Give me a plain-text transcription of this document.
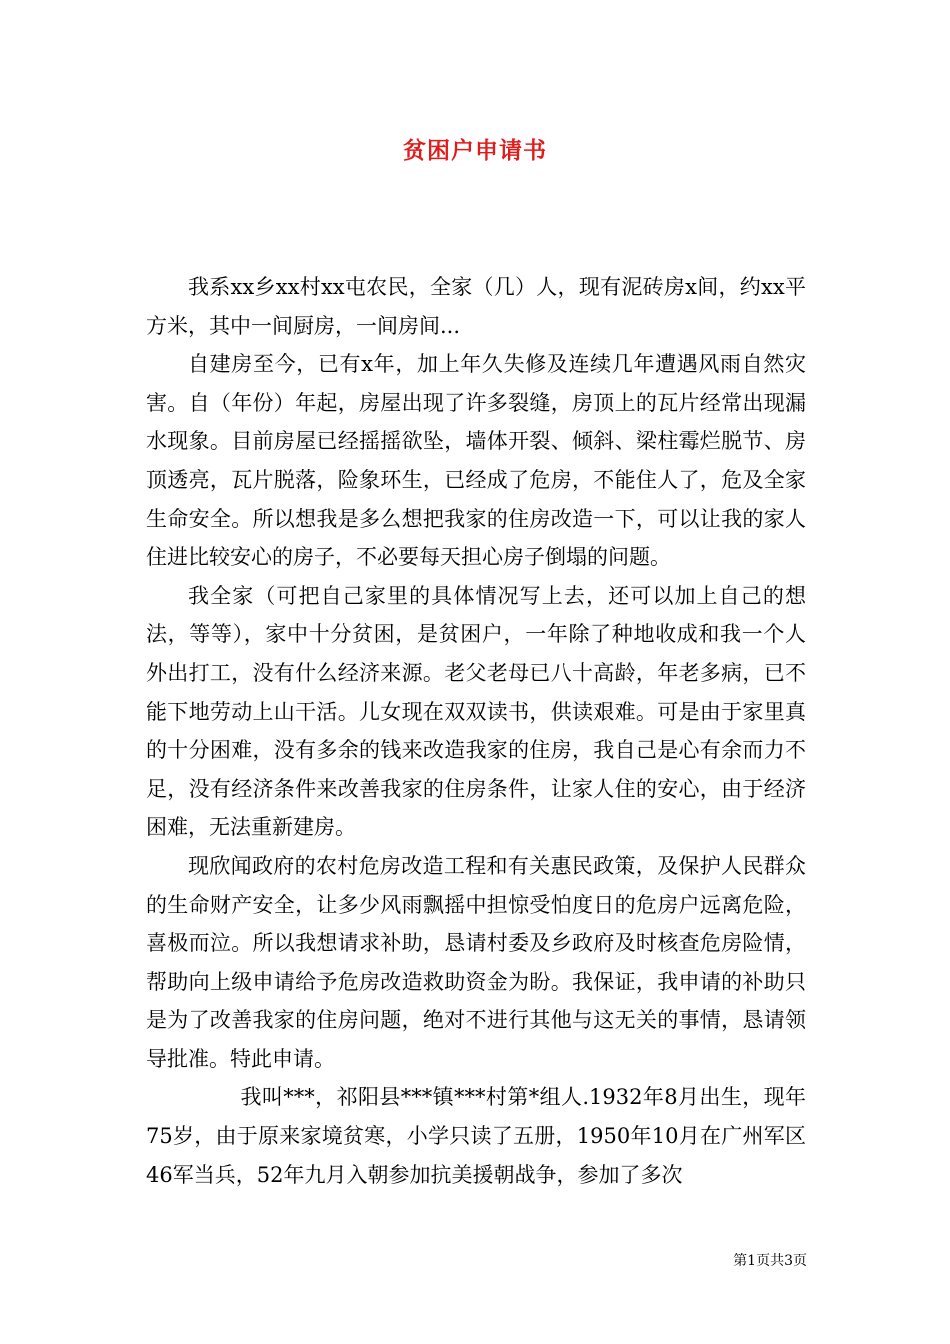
贫困户申请书

我系xx乡xx村xx屯农民，全家（几）人，现有泥砖房x间，约xx平方米，其中一间厨房，一间房间...

自建房至今，已有x年，加上年久失修及连续几年遭遇风雨自然灾害。自（年份）年起，房屋出现了许多裂缝，房顶上的瓦片经常出现漏水现象。目前房屋已经摇摇欲坠，墙体开裂、倾斜、梁柱霉烂脱节、房顶透亮，瓦片脱落，险象环生，已经成了危房，不能住人了，危及全家生命安全。所以想我是多么想把我家的住房改造一下，可以让我的家人住进比较安心的房子，不必要每天担心房子倒塌的问题。

我全家（可把自己家里的具体情况写上去，还可以加上自己的想法，等等），家中十分贫困，是贫困户，一年除了种地收成和我一个人外出打工，没有什么经济来源。老父老母已八十高龄，年老多病，已不能下地劳动上山干活。儿女现在双双读书，供读艰难。可是由于家里真的十分困难，没有多余的钱来改造我家的住房，我自己是心有余而力不足，没有经济条件来改善我家的住房条件，让家人住的安心，由于经济困难，无法重新建房。

现欣闻政府的农村危房改造工程和有关惠民政策，及保护人民群众的生命财产安全，让多少风雨飘摇中担惊受怕度日的危房户远离危险，喜极而泣。所以我想请求补助，恳请村委及乡政府及时核查危房险情，帮助向上级申请给予危房改造救助资金为盼。我保证，我申请的补助只是为了改善我家的住房问题，绝对不进行其他与这无关的事情，恳请领导批准。特此申请。

我叫***，祁阳县***镇***村第*组人.1932年8月出生，现年75岁，由于原来家境贫寒，小学只读了五册，1950年10月在广州军区46军当兵，52年九月入朝参加抗美援朝战争，参加了多次

第1页共3页
